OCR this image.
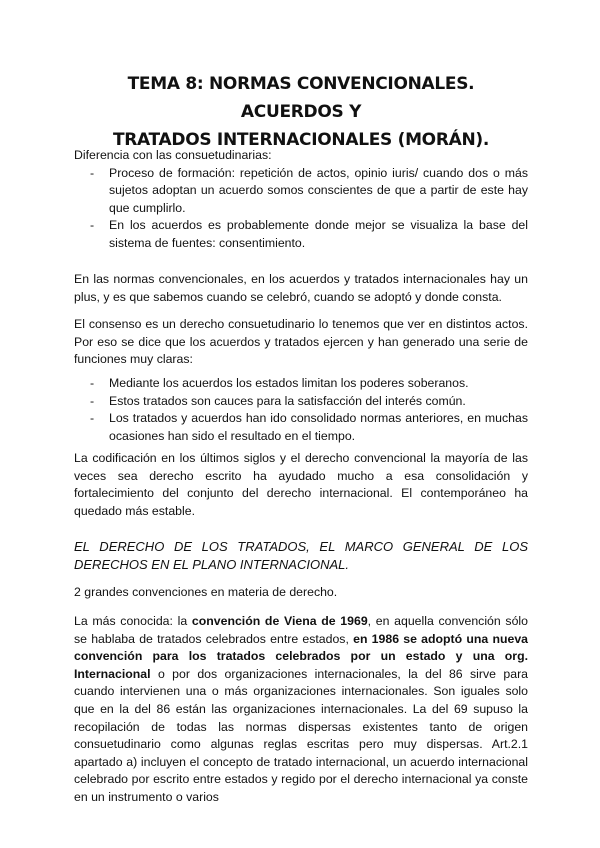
TEMA 8: NORMAS CONVENCIONALES. ACUERDOS Y
TRATADOS INTERNACIONALES (MORÁN).
Diferencia con las consuetudinarias:
- Proceso de formación: repetición de actos, opinio iuris/ cuando dos o más sujetos adoptan un acuerdo somos conscientes de que a partir de este hay que cumplirlo.
- En los acuerdos es probablemente donde mejor se visualiza la base del sistema de fuentes: consentimiento.
En las normas convencionales, en los acuerdos y tratados internacionales hay un plus, y es que sabemos cuando se celebró, cuando se adoptó y donde consta.
El consenso es un derecho consuetudinario lo tenemos que ver en distintos actos. Por eso se dice que los acuerdos y tratados ejercen y han generado una serie de funciones muy claras:
- Mediante los acuerdos los estados limitan los poderes soberanos.
- Estos tratados son cauces para la satisfacción del interés común.
- Los tratados y acuerdos han ido consolidado normas anteriores, en muchas ocasiones han sido el resultado en el tiempo.
La codificación en los últimos siglos y el derecho convencional la mayoría de las veces sea derecho escrito ha ayudado mucho a esa consolidación y fortalecimiento del conjunto del derecho internacional. El contemporáneo ha quedado más estable.
EL DERECHO DE LOS TRATADOS, EL MARCO GENERAL DE LOS DERECHOS EN EL PLANO INTERNACIONAL.
2 grandes convenciones en materia de derecho.
La más conocida: la convención de Viena de 1969, en aquella convención sólo se hablaba de tratados celebrados entre estados, en 1986 se adoptó una nueva convención para los tratados celebrados por un estado y una org. Internacional o por dos organizaciones internacionales, la del 86 sirve para cuando intervienen una o más organizaciones internacionales. Son iguales solo que en la del 86 están las organizaciones internacionales. La del 69 supuso la recopilación de todas las normas dispersas existentes tanto de origen consuetudinario como algunas reglas escritas pero muy dispersas. Art.2.1 apartado a) incluyen el concepto de tratado internacional, un acuerdo internacional celebrado por escrito entre estados y regido por el derecho internacional ya conste en un instrumento o varios
